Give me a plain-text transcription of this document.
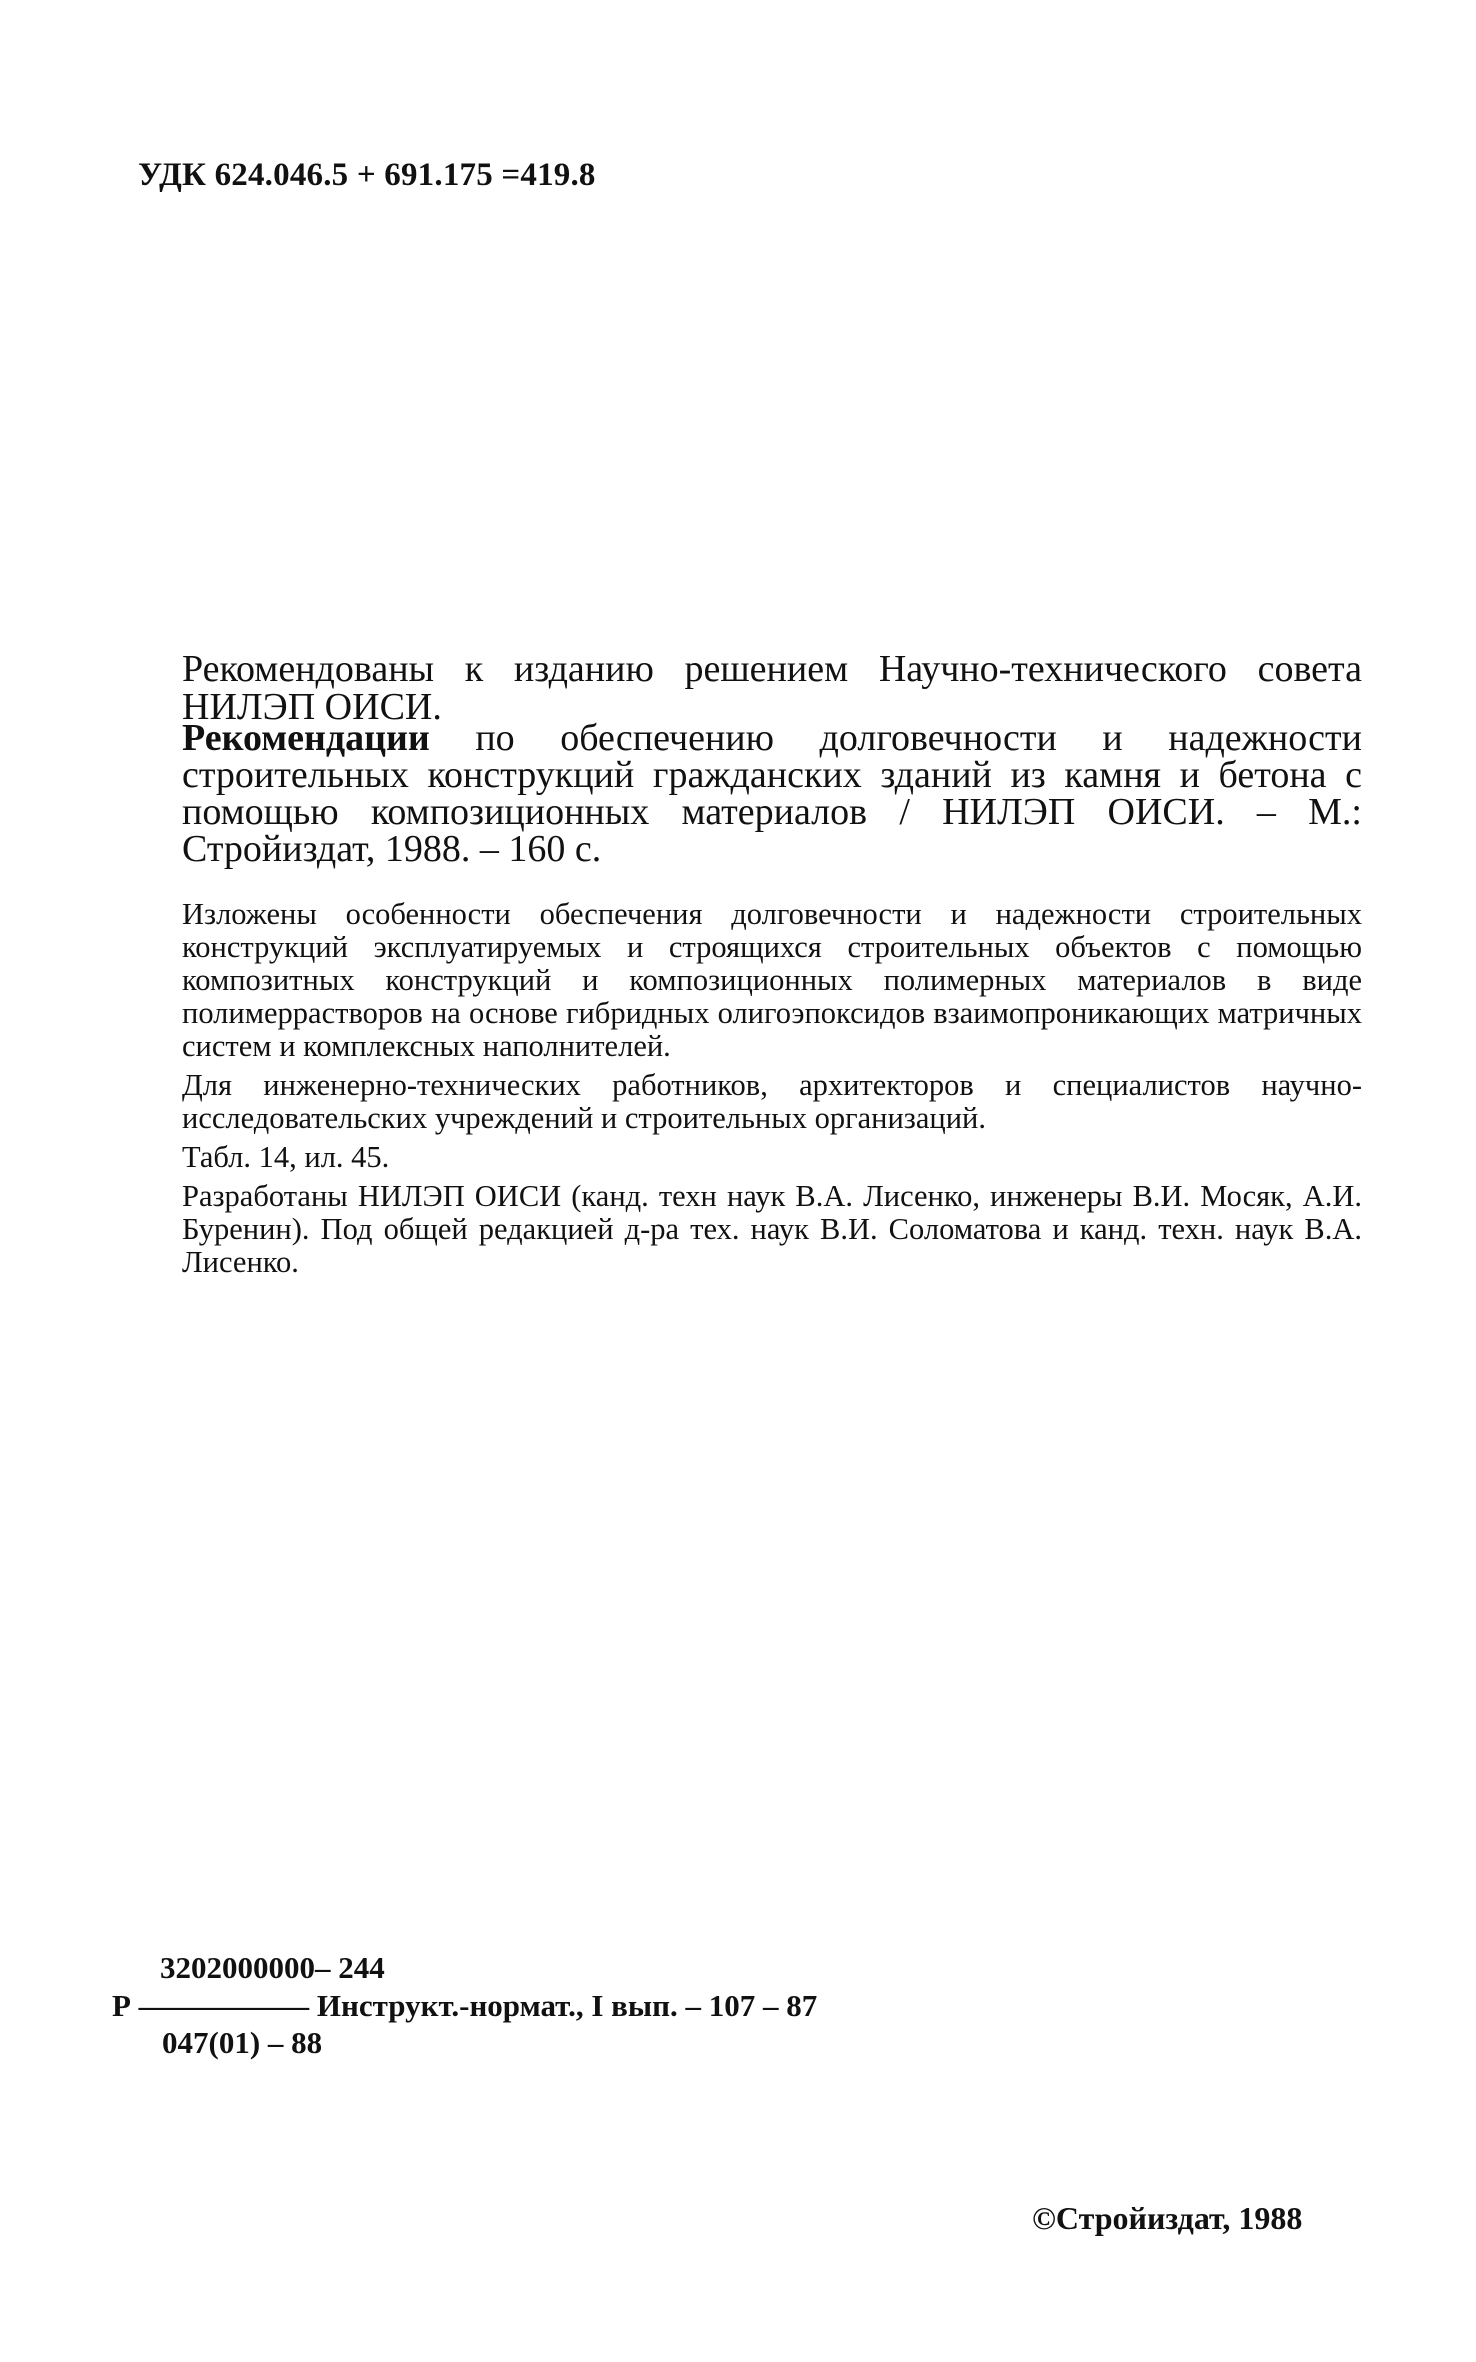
УДК 624.046.5 + 691.175 =419.8
Рекомендованы к изданию решением Научно-технического совета НИЛЭП ОИСИ.
Рекомендации по обеспечению долговечности и надежности строительных конструкций гражданских зданий из камня и бетона с помощью композиционных материалов / НИЛЭП ОИСИ. – М.: Стройиздат, 1988. – 160 с.

Изложены особенности обеспечения долговечности и надежности строительных конструкций эксплуатируемых и строящихся строительных объектов с помощью композитных конструкций и композиционных полимерных материалов в виде полимеррастворов на основе гибридных олигоэпоксидов взаимопроникающих матричных систем и комплексных наполнителей.

Для инженерно-технических работников, архитекторов и специалистов научно-исследовательских учреждений и строительных организаций.

Табл. 14, ил. 45.

Разработаны НИЛЭП ОИСИ (канд. техн наук В.А. Лисенко, инженеры В.И. Мосяк, А.И. Буренин). Под общей редакцией д-ра тех. наук В.И. Соломатова и канд. техн. наук В.А. Лисенко.

3202000000– 244
Р ––––––––––– Инструкт.-нормат., I вып. – 107 – 87
047(01) – 88
©Стройиздат, 1988
